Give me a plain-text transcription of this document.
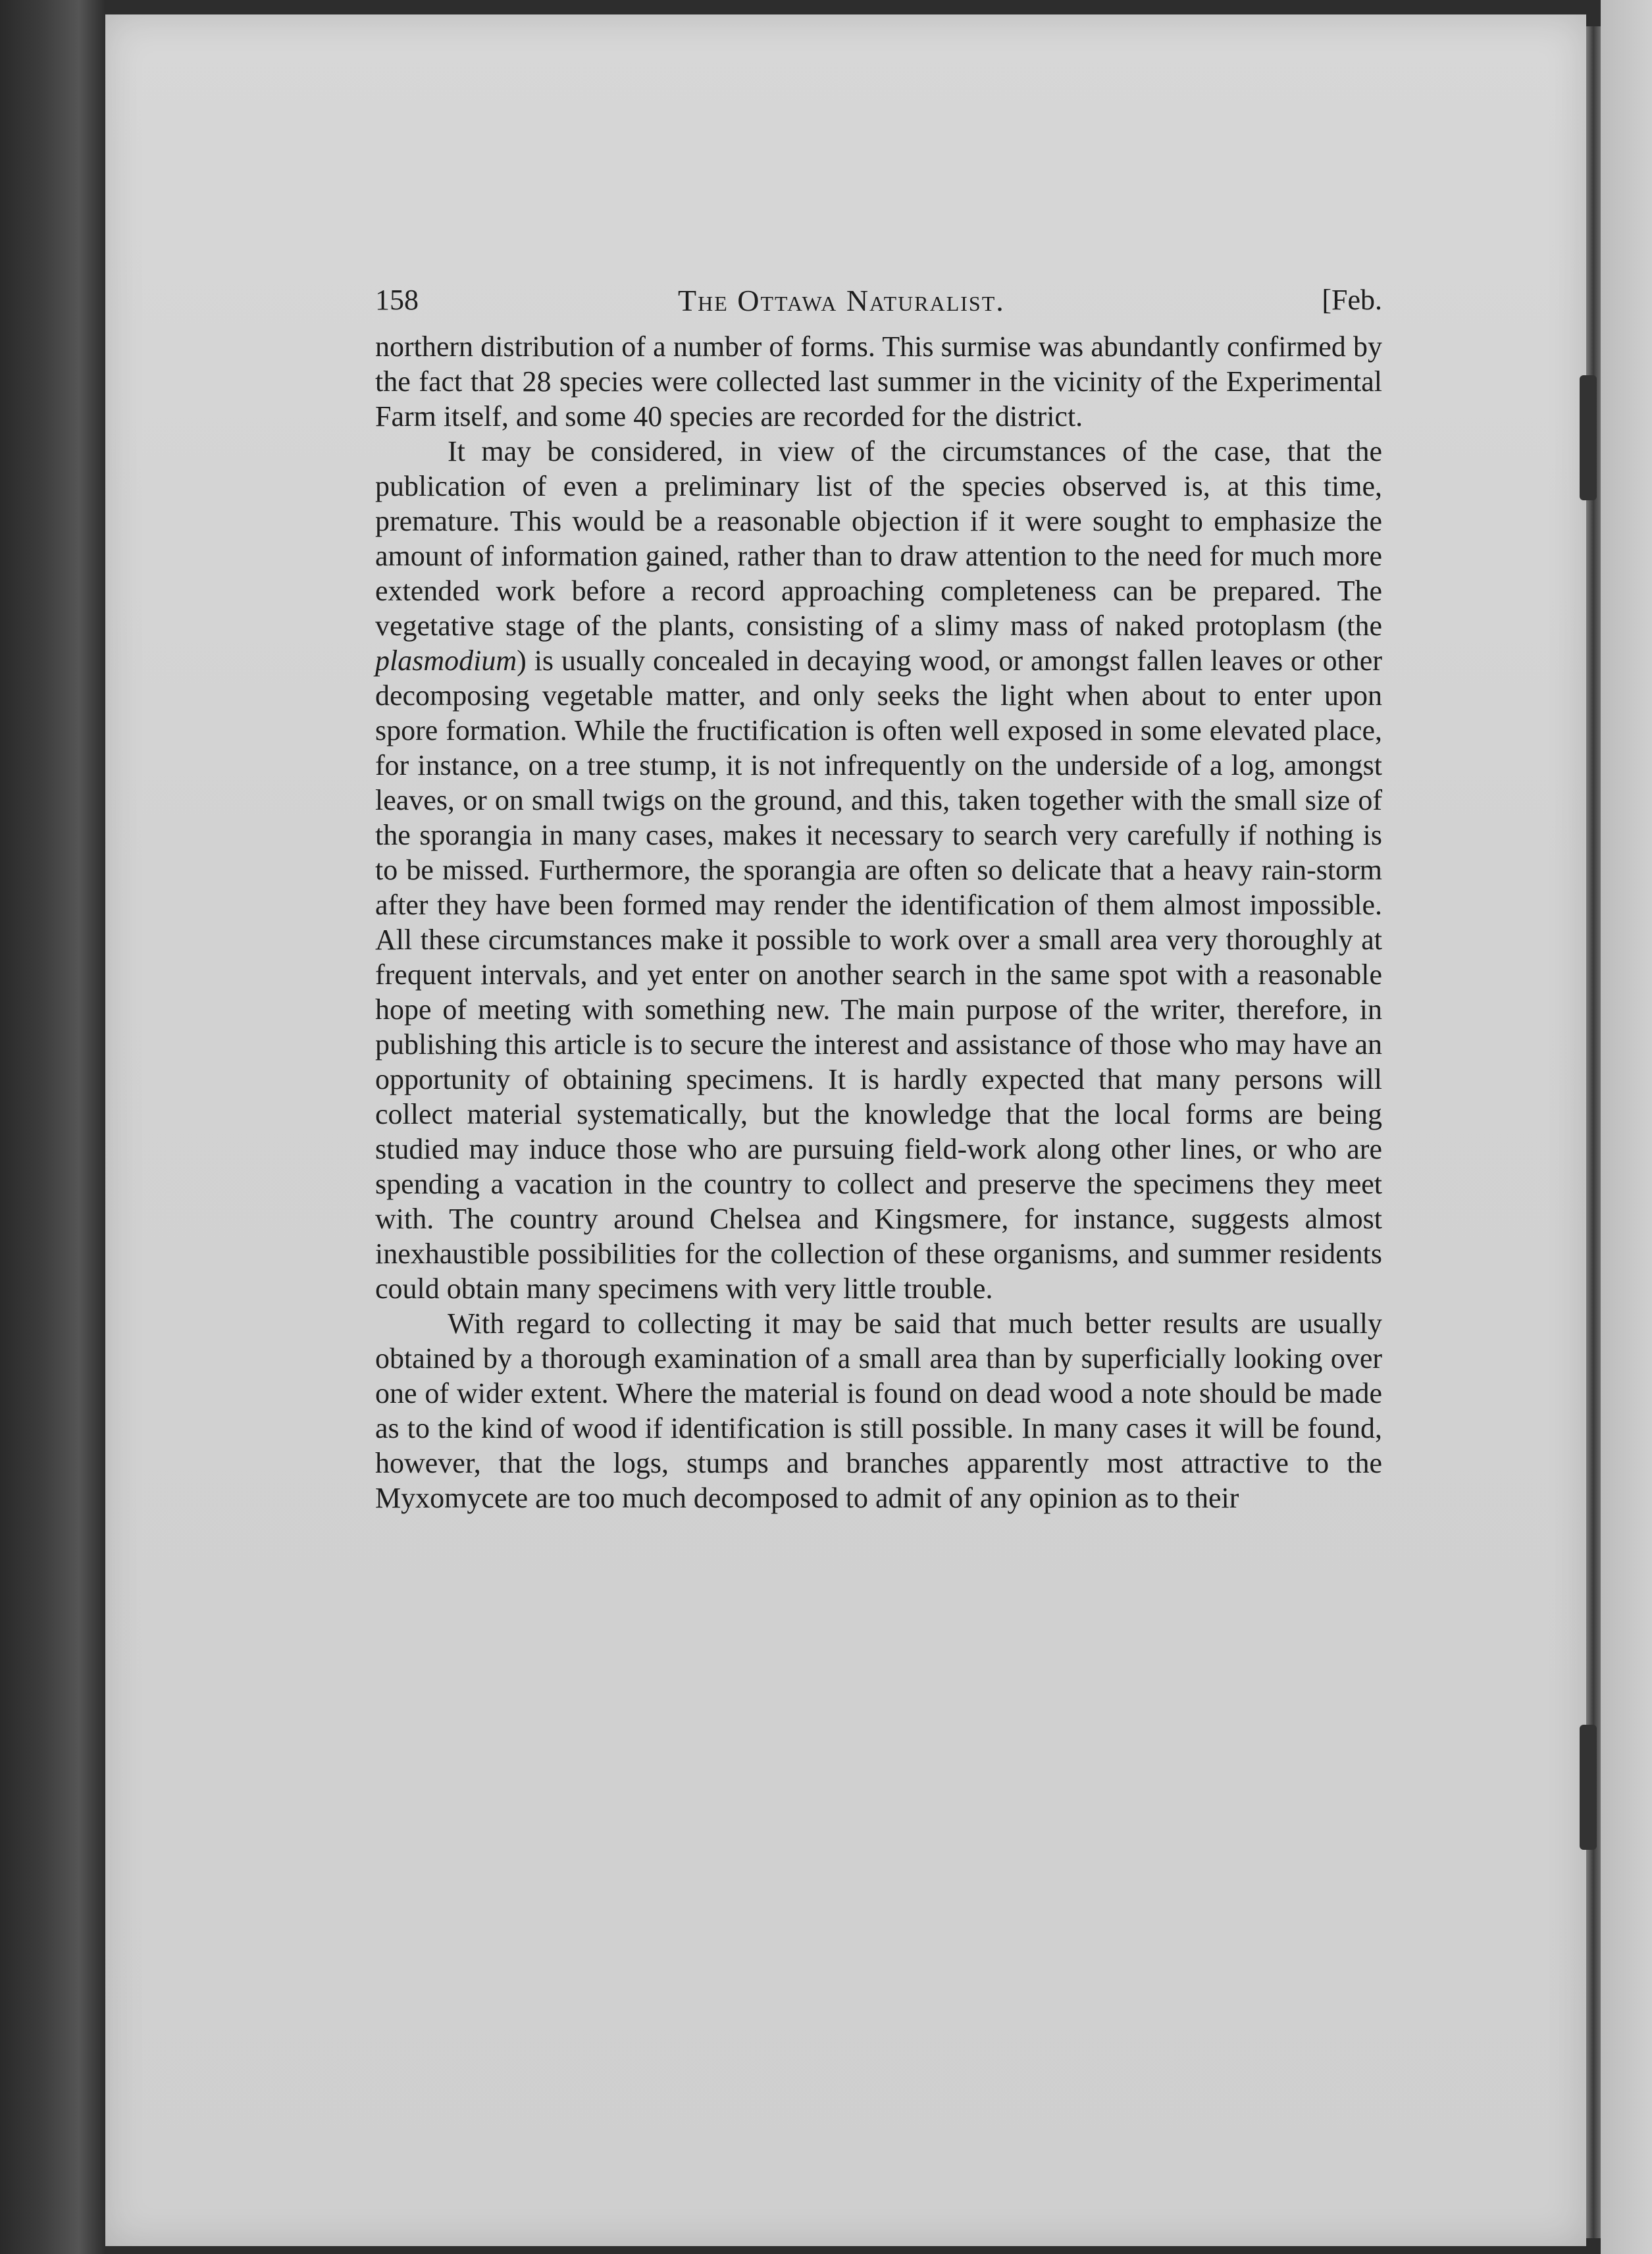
158	The Ottawa Naturalist.	[Feb.

northern distribution of a number of forms. This surmise was abundantly confirmed by the fact that 28 species were collected last summer in the vicinity of the Experimental Farm itself, and some 40 species are recorded for the district.

It may be considered, in view of the circumstances of the case, that the publication of even a preliminary list of the species observed is, at this time, premature. This would be a reasonable objection if it were sought to emphasize the amount of information gained, rather than to draw attention to the need for much more extended work before a record approaching completeness can be prepared. The vegetative stage of the plants, consisting of a slimy mass of naked protoplasm (the plasmodium) is usually concealed in decaying wood, or amongst fallen leaves or other decomposing vegetable matter, and only seeks the light when about to enter upon spore formation. While the fructification is often well exposed in some elevated place, for instance, on a tree stump, it is not infrequently on the underside of a log, amongst leaves, or on small twigs on the ground, and this, taken together with the small size of the sporangia in many cases, makes it necessary to search very carefully if nothing is to be missed. Furthermore, the sporangia are often so delicate that a heavy rain-storm after they have been formed may render the identification of them almost impossible. All these circumstances make it possible to work over a small area very thoroughly at frequent intervals, and yet enter on another search in the same spot with a reasonable hope of meeting with something new. The main purpose of the writer, therefore, in publishing this article is to secure the interest and assistance of those who may have an opportunity of obtaining specimens. It is hardly expected that many persons will collect material systematically, but the knowledge that the local forms are being studied may induce those who are pursuing field-work along other lines, or who are spending a vacation in the country to collect and preserve the specimens they meet with. The country around Chelsea and Kingsmere, for instance, suggests almost inexhaustible possibilities for the collection of these organisms, and summer residents could obtain many specimens with very little trouble.

With regard to collecting it may be said that much better results are usually obtained by a thorough examination of a small area than by superficially looking over one of wider extent. Where the material is found on dead wood a note should be made as to the kind of wood if identification is still possible. In many cases it will be found, however, that the logs, stumps and branches apparently most attractive to the Myxomycete are too much decomposed to admit of any opinion as to their
